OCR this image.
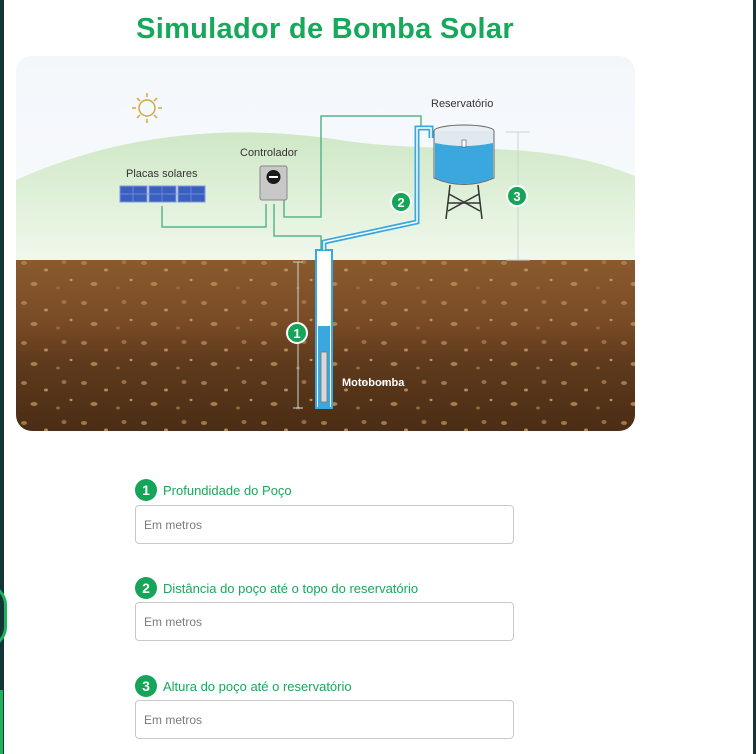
Simulador de Bomba Solar
Placas solares
Controlador
Reservatório
Motobomba
1
2	3
1	Profundidade do Poço
Em metros
2	Distância do poço até o topo do reservatório
Em metros
3	Altura do poço até o reservatório
Em metros
